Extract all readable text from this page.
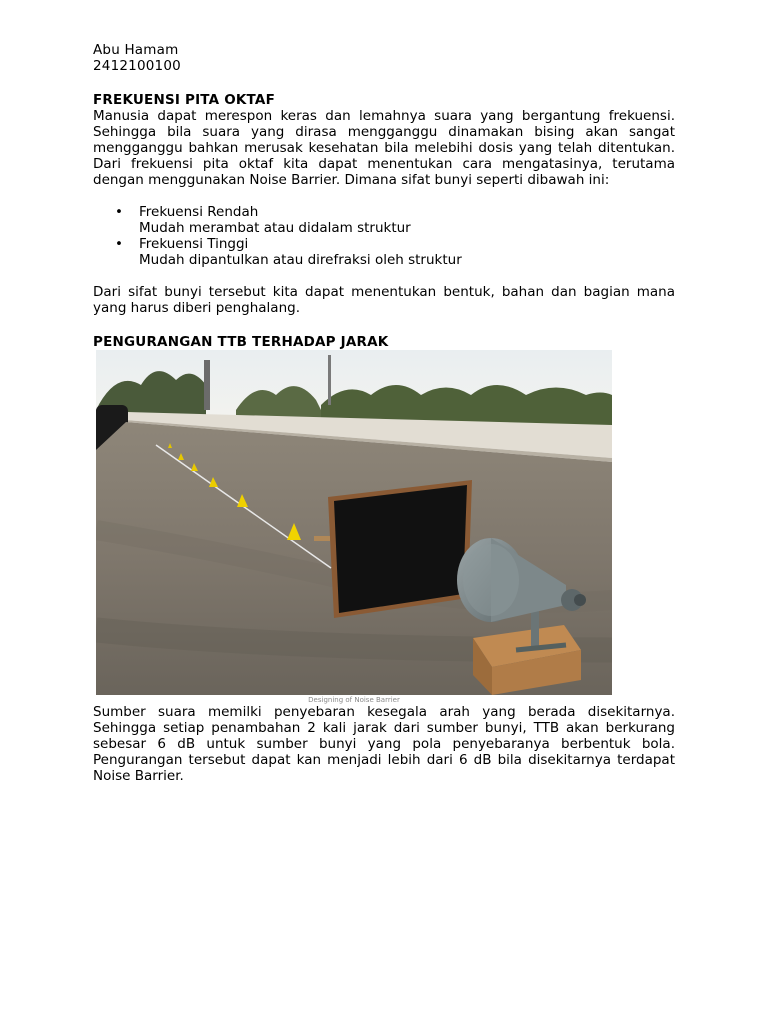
Abu Hamam
2412100100
FREKUENSI PITA OKTAF
Manusia dapat merespon keras dan lemahnya suara yang bergantung frekuensi. Sehingga bila suara yang dirasa mengganggu dinamakan bising akan sangat mengganggu bahkan merusak kesehatan bila melebihi dosis yang telah ditentukan. Dari frekuensi pita oktaf kita dapat menentukan cara mengatasinya, terutama dengan menggunakan Noise Barrier. Dimana sifat bunyi seperti dibawah ini:
• Frekuensi Rendah
Mudah merambat atau didalam struktur
• Frekuensi Tinggi
Mudah dipantulkan atau direfraksi oleh struktur
Dari sifat bunyi tersebut kita dapat menentukan bentuk, bahan dan bagian mana yang harus diberi penghalang.
PENGURANGAN TTB TERHADAP JARAK
Designing of Noise Barrier
Sumber suara memilki penyebaran kesegala arah yang berada disekitarnya. Sehingga setiap penambahan 2 kali jarak dari sumber bunyi, TTB akan berkurang sebesar 6 dB untuk sumber bunyi yang pola penyebaranya berbentuk bola. Pengurangan tersebut dapat kan menjadi lebih dari 6 dB bila disekitarnya terdapat Noise Barrier.
